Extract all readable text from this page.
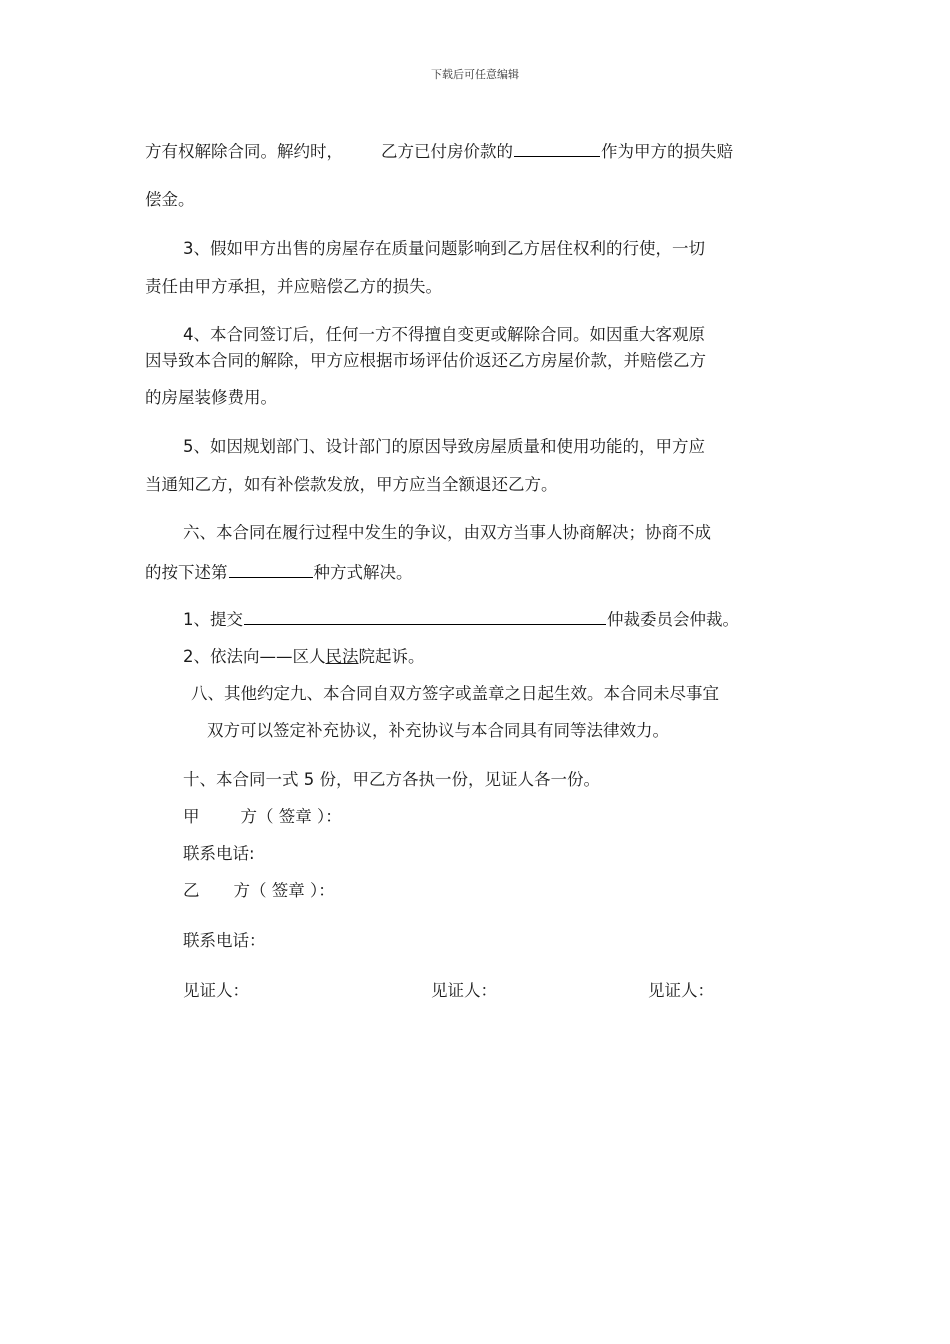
下载后可任意编辑
方有权解除合同。解约时， 乙方已付房价款的	作为甲方的损失赔
偿金。
3、假如甲方出售的房屋存在质量问题影响到乙方居住权利的行使，一切
责任由甲方承担，并应赔偿乙方的损失。
4、本合同签订后，任何一方不得擅自变更或解除合同。如因重大客观原
因导致本合同的解除，甲方应根据市场评估价返还乙方房屋价款，并赔偿乙方
的房屋装修费用。
5、如因规划部门、设计部门的原因导致房屋质量和使用功能的，甲方应
当通知乙方，如有补偿款发放，甲方应当全额退还乙方。
六、本合同在履行过程中发生的争议，由双方当事人协商解决；协商不成
的按下述第	种方式解决。
1、提交	仲裁委员会仲裁。
2、依法向——区人民法院起诉。
八、其他约定九、本合同自双方签字或盖章之日起生效。本合同未尽事宜
双方可以签定补充协议，补充协议与本合同具有同等法律效力。
十、本合同一式 5 份，甲乙方各执一份，见证人各一份。
甲 方（ 签章 ）：
联系电话:
乙 方（ 签章 ）：
联系电话：
见证人：	见证人：	见证人：
